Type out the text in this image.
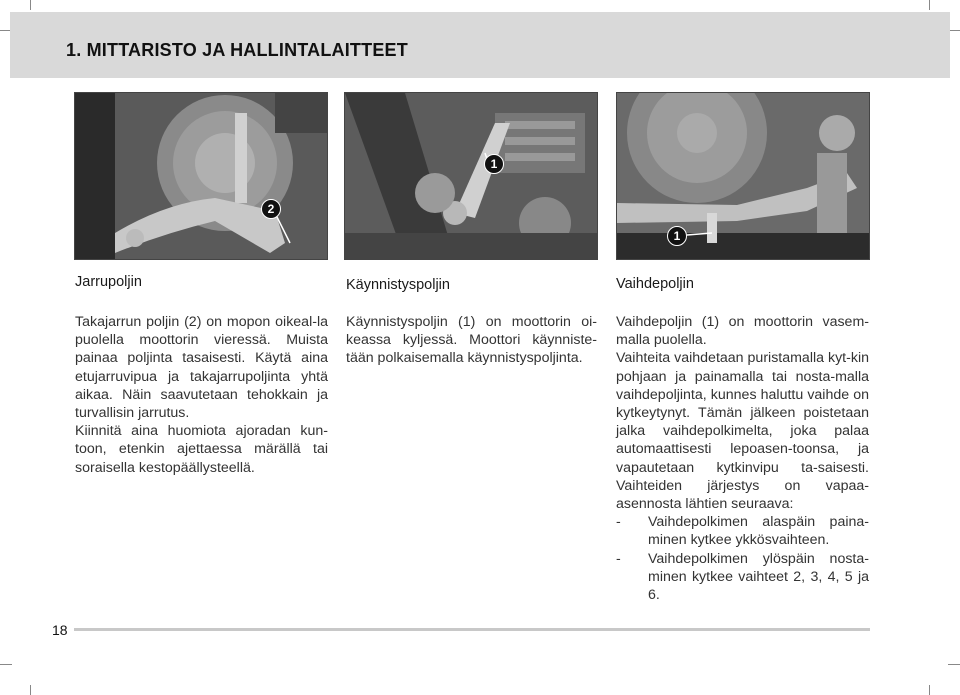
1. MITTARISTO JA HALLINTALAITTEET
2
1
1
Jarrupoljin

Takajarrun poljin (2) on mopon oikeal-la puolella moottorin vieressä. Muista painaa poljinta tasaisesti. Käytä aina etujarruvipua ja takajarrupoljinta yhtä aikaa. Näin saavutetaan tehokkain ja turvallisin jarrutus.

Kiinnitä aina huomiota ajoradan kun-toon, etenkin ajettaessa märällä tai soraisella kestopäällysteellä.

Käynnistyspoljin

Käynnistyspoljin (1) on moottorin oi-keassa kyljessä. Moottori käynniste-tään polkaisemalla käynnistyspoljinta.

Vaihdepoljin

Vaihdepoljin (1) on moottorin vasem-malla puolella.

Vaihteita vaihdetaan puristamalla kyt-kin pohjaan ja painamalla tai nosta-malla vaihdepoljinta, kunnes haluttu vaihde on kytkeytynyt. Tämän jälkeen poistetaan jalka vaihdepolkimelta, joka palaa automaattisesti lepoasen-toonsa, ja vapautetaan kytkinvipu ta-saisesti. Vaihteiden järjestys on vapaa-asennosta lähtien seuraava:

-	Vaihdepolkimen alaspäin paina-minen kytkee ykkösvaihteen.
-	Vaihdepolkimen ylöspäin nosta-minen kytkee vaihteet 2, 3, 4, 5 ja 6.
18
